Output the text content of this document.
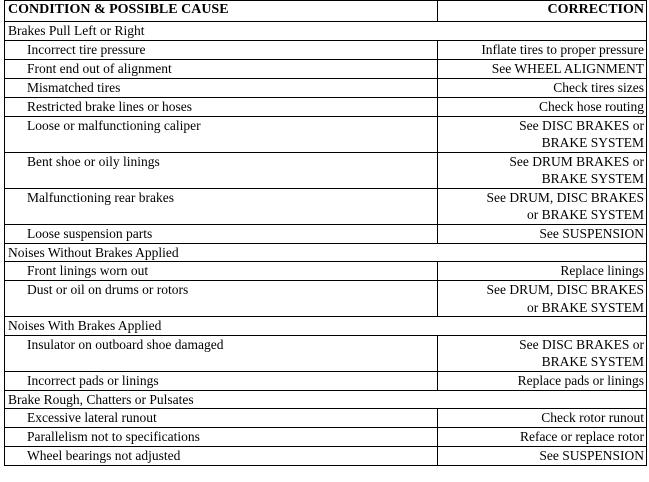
CONDITION & POSSIBLE CAUSE	CORRECTION
Brakes Pull Left or Right	
Incorrect tire pressure	Inflate tires to proper pressure

Front end out of alignment	See WHEEL ALIGNMENT

Mismatched tires	Check tires sizes

Restricted brake lines or hoses	Check hose routing

Loose or malfunctioning caliper	See DISC BRAKES or
BRAKE SYSTEM

Bent shoe or oily linings	See DRUM BRAKES or
BRAKE SYSTEM

Malfunctioning rear brakes	See DRUM, DISC BRAKES
or BRAKE SYSTEM

Loose suspension parts	See SUSPENSION

Noises Without Brakes Applied	
Front linings worn out	Replace linings

Dust or oil on drums or rotors	See DRUM, DISC BRAKES
or BRAKE SYSTEM

Noises With Brakes Applied	
Insulator on outboard shoe damaged	See DISC BRAKES or
BRAKE SYSTEM

Incorrect pads or linings	Replace pads or linings

Brake Rough, Chatters or Pulsates	
Excessive lateral runout	Check rotor runout

Parallelism not to specifications	Reface or replace rotor

Wheel bearings not adjusted	See SUSPENSION
